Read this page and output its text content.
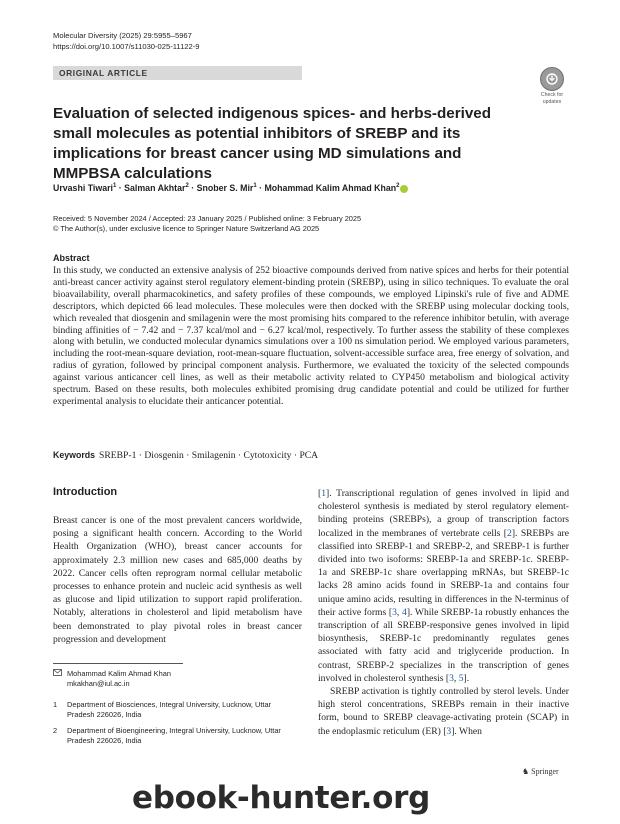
Molecular Diversity (2025) 29:5955–5967
https://doi.org/10.1007/s11030-025-11122-9
ORIGINAL ARTICLE
Check for
updates
Evaluation of selected indigenous spices- and herbs-derived small molecules as potential inhibitors of SREBP and its implications for breast cancer using MD simulations and MMPBSA calculations
Urvashi Tiwari$^1$ · Salman Akhtar$^2$ · Snober S. Mir$^1$ · Mohammad Kalim Ahmad Khan$^2$
Received: 5 November 2024 / Accepted: 23 January 2025 / Published online: 3 February 2025
© The Author(s), under exclusive licence to Springer Nature Switzerland AG 2025
Abstract

In this study, we conducted an extensive analysis of 252 bioactive compounds derived from native spices and herbs for their potential anti-breast cancer activity against sterol regulatory element-binding protein (SREBP), using in silico techniques. To evaluate the oral bioavailability, overall pharmacokinetics, and safety profiles of these compounds, we employed Lipinski's rule of five and ADME descriptors, which depicted 66 lead molecules. These molecules were then docked with the SREBP using molecular docking tools, which revealed that diosgenin and smilagenin were the most promising hits compared to the reference inhibitor betulin, with average binding affinities of − 7.42 and − 7.37 kcal/mol and − 6.27 kcal/mol, respectively. To further assess the stability of these complexes along with betulin, we conducted molecular dynamics simulations over a 100 ns simulation period. We employed various parameters, including the root-mean-square deviation, root-mean-square fluctuation, solvent-accessible surface area, free energy of solvation, and radius of gyration, followed by principal component analysis. Furthermore, we evaluated the toxicity of the selected compounds against various anticancer cell lines, as well as their metabolic activity related to CYP450 metabolism and biological activity spectrum. Based on these results, both molecules exhibited promising drug candidate potential and could be utilized for further experimental analysis to elucidate their anticancer potential.

Keywords SREBP-1 · Diosgenin · Smilagenin · Cytotoxicity · PCA
Introduction

Breast cancer is one of the most prevalent cancers worldwide, posing a significant health concern. According to the World Health Organization (WHO), breast cancer accounts for approximately 2.3 million new cases and 685,000 deaths by 2022. Cancer cells often reprogram normal cellular metabolic processes to enhance protein and nucleic acid synthesis as well as glucose and lipid utilization to support rapid proliferation. Notably, alterations in cholesterol and lipid metabolism have been demonstrated to play pivotal roles in breast cancer progression and development

[1]. Transcriptional regulation of genes involved in lipid and cholesterol synthesis is mediated by sterol regulatory element-binding proteins (SREBPs), a group of transcription factors localized in the membranes of vertebrate cells [2]. SREBPs are classified into SREBP-1 and SREBP-2, and SREBP-1 is further divided into two isoforms: SREBP-1a and SREBP-1c. SREBP-1a and SREBP-1c share overlapping mRNAs, but SREBP-1c lacks 28 amino acids found in SREBP-1a and contains four unique amino acids, resulting in differences in the N-terminus of their active forms [3, 4]. While SREBP-1a robustly enhances the transcription of all SREBP-responsive genes involved in lipid biosynthesis, SREBP-1c predominantly regulates genes associated with fatty acid and triglyceride production. In contrast, SREBP-2 specializes in the transcription of genes involved in cholesterol synthesis [3, 5].

SREBP activation is tightly controlled by sterol levels. Under high sterol concentrations, SREBPs remain in their inactive form, bound to SREBP cleavage-activating protein (SCAP) in the endoplasmic reticulum (ER) [3]. When

Mohammad Kalim Ahmad Khan
mkakhan@iul.ac.in
1 Department of Biosciences, Integral University, Lucknow, Uttar Pradesh 226026, India
2 Department of Bioengineering, Integral University, Lucknow, Uttar Pradesh 226026, India
♞ Springer
ebook-hunter.org
